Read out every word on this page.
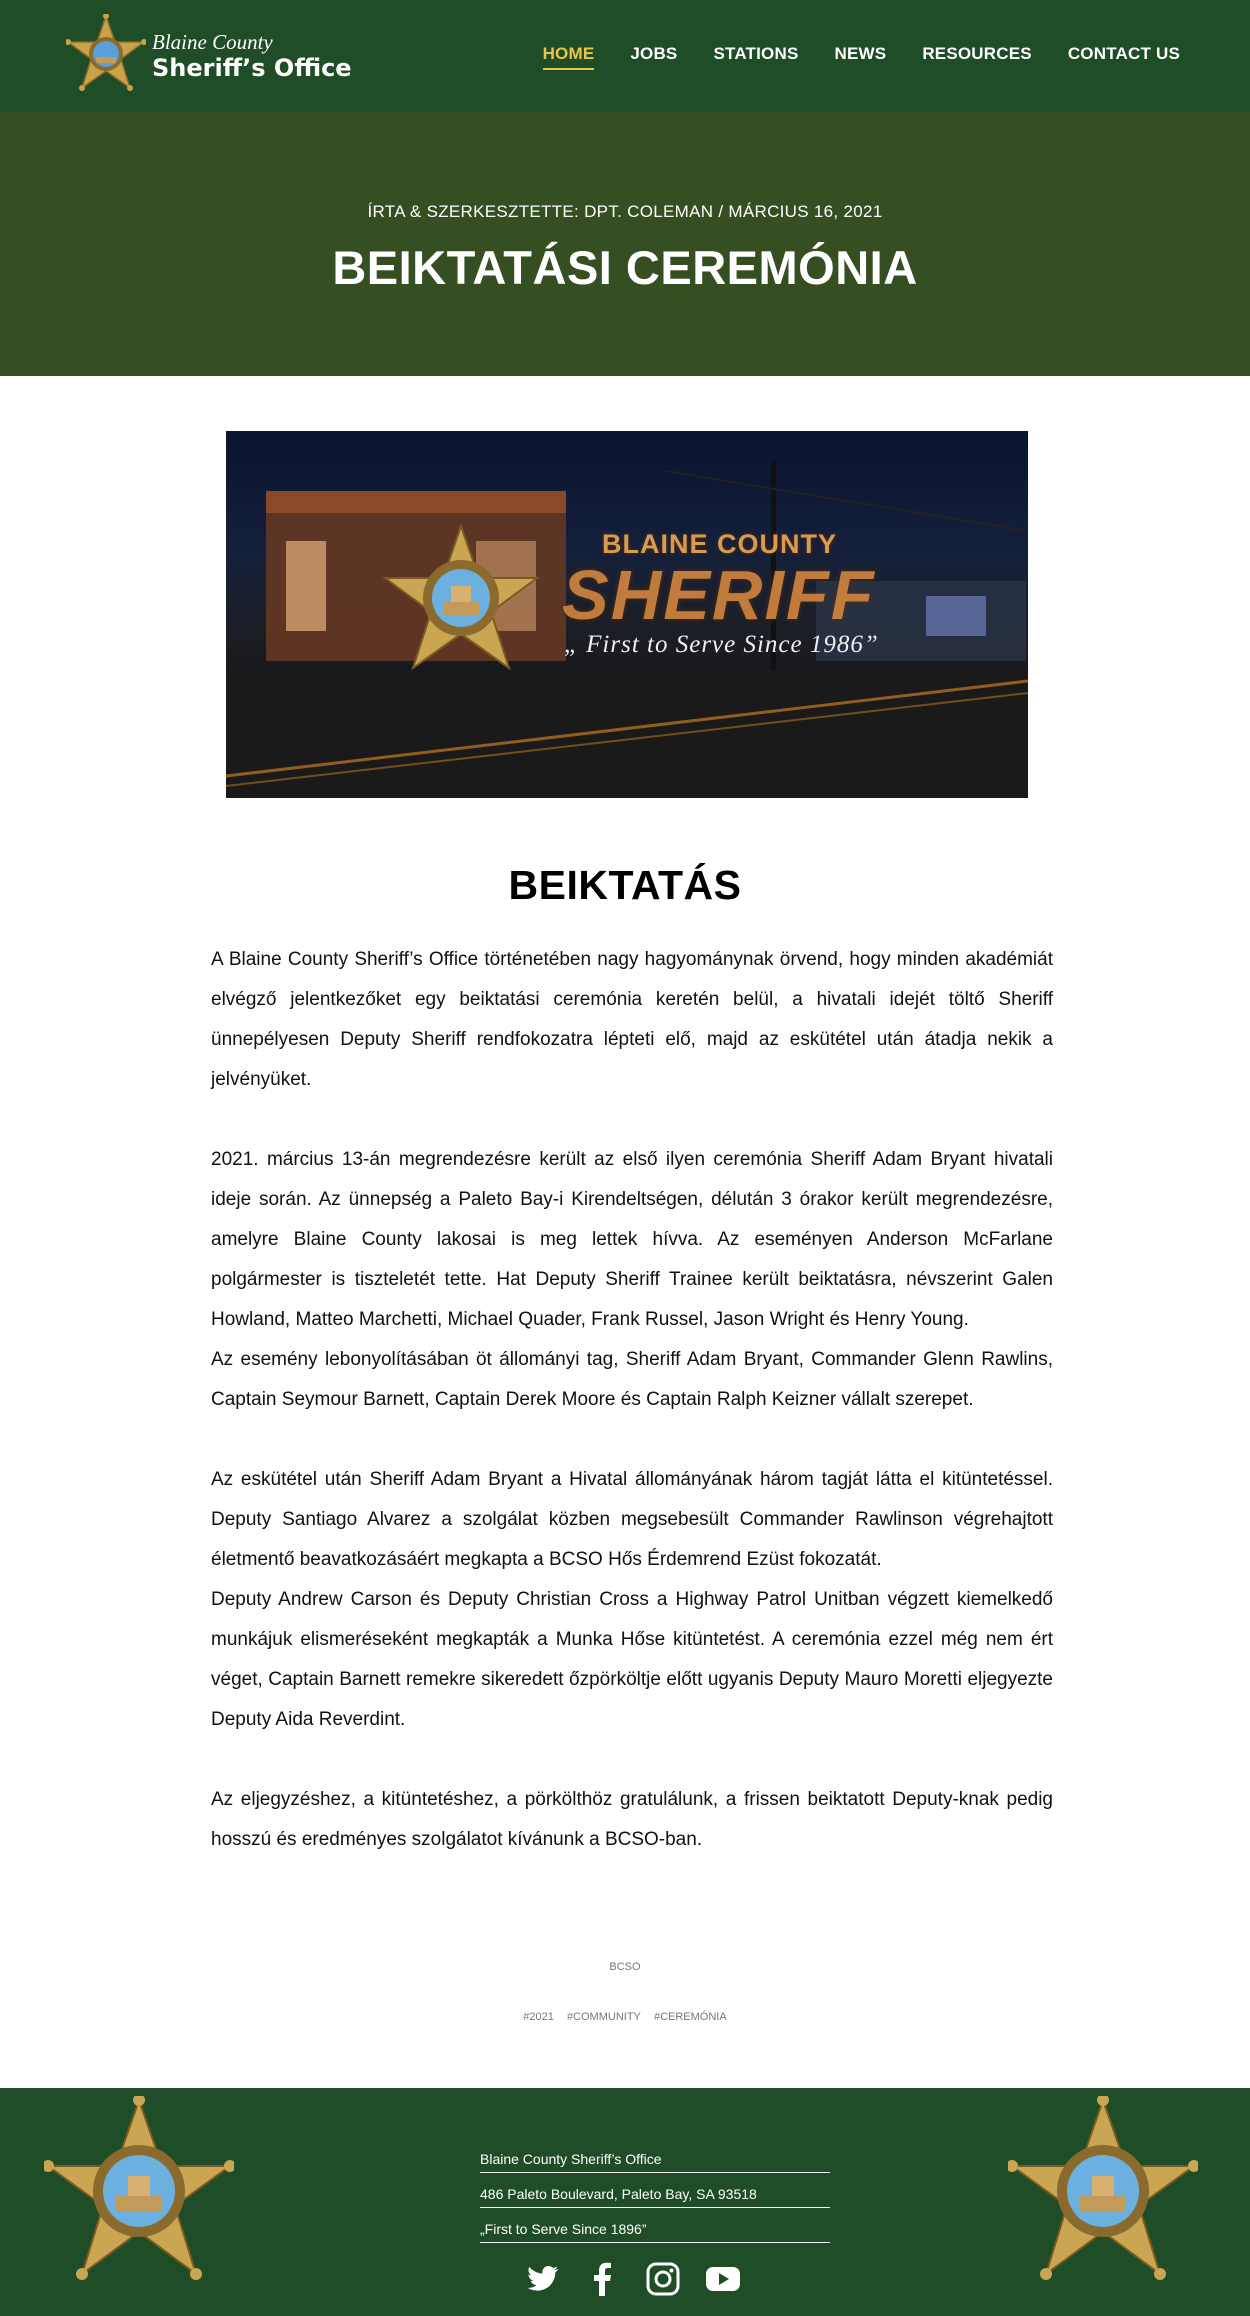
Blaine County
Sheriff’s Office
HOME JOBS STATIONS NEWS RESOURCES CONTACT US
ÍRTA & SZERKESZTETTE: DPT. COLEMAN / MÁRCIUS 16, 2021
BEIKTATÁSI CEREMÓNIA
BLAINE COUNTY
SHERIFF
„ First to Serve Since 1986”
BEIKTATÁS

A Blaine County Sheriff’s Office történetében nagy hagyománynak örvend, hogy minden akadémiát elvégző jelentkezőket egy beiktatási ceremónia keretén belül, a hivatali idejét töltő Sheriff ünnepélyesen Deputy Sheriff rendfokozatra lépteti elő, majd az eskütétel után átadja nekik a jelvényüket.

2021. március 13-án megrendezésre került az első ilyen ceremónia Sheriff Adam Bryant hivatali ideje során. Az ünnepség a Paleto Bay-i Kirendeltségen, délután 3 órakor került megrendezésre, amelyre Blaine County lakosai is meg lettek hívva. Az eseményen Anderson McFarlane polgármester is tiszteletét tette. Hat Deputy Sheriff Trainee került beiktatásra, névszerint Galen Howland, Matteo Marchetti, Michael Quader, Frank Russel, Jason Wright és Henry Young.

Az esemény lebonyolításában öt állományi tag, Sheriff Adam Bryant, Commander Glenn Rawlins, Captain Seymour Barnett, Captain Derek Moore és Captain Ralph Keizner vállalt szerepet.

Az eskütétel után Sheriff Adam Bryant a Hivatal állományának három tagját látta el kitüntetéssel. Deputy Santiago Alvarez a szolgálat közben megsebesült Commander Rawlinson végrehajtott életmentő beavatkozásáért megkapta a BCSO Hős Érdemrend Ezüst fokozatát.

Deputy Andrew Carson és Deputy Christian Cross a Highway Patrol Unitban végzett kiemelkedő munkájuk elismeréseként megkapták a Munka Hőse kitüntetést. A ceremónia ezzel még nem ért véget, Captain Barnett remekre sikeredett őzpörköltje előtt ugyanis Deputy Mauro Moretti eljegyezte Deputy Aida Reverdint.

Az eljegyzéshez, a kitüntetéshez, a pörkölthöz gratulálunk, a frissen beiktatott Deputy-knak pedig hosszú és eredményes szolgálatot kívánunk a BCSO-ban.

BCSO
#2021 #COMMUNITY #CEREMÓNIA
Blaine County Sheriff’s Office
486 Paleto Boulevard, Paleto Bay, SA 93518
„First to Serve Since 1896”
